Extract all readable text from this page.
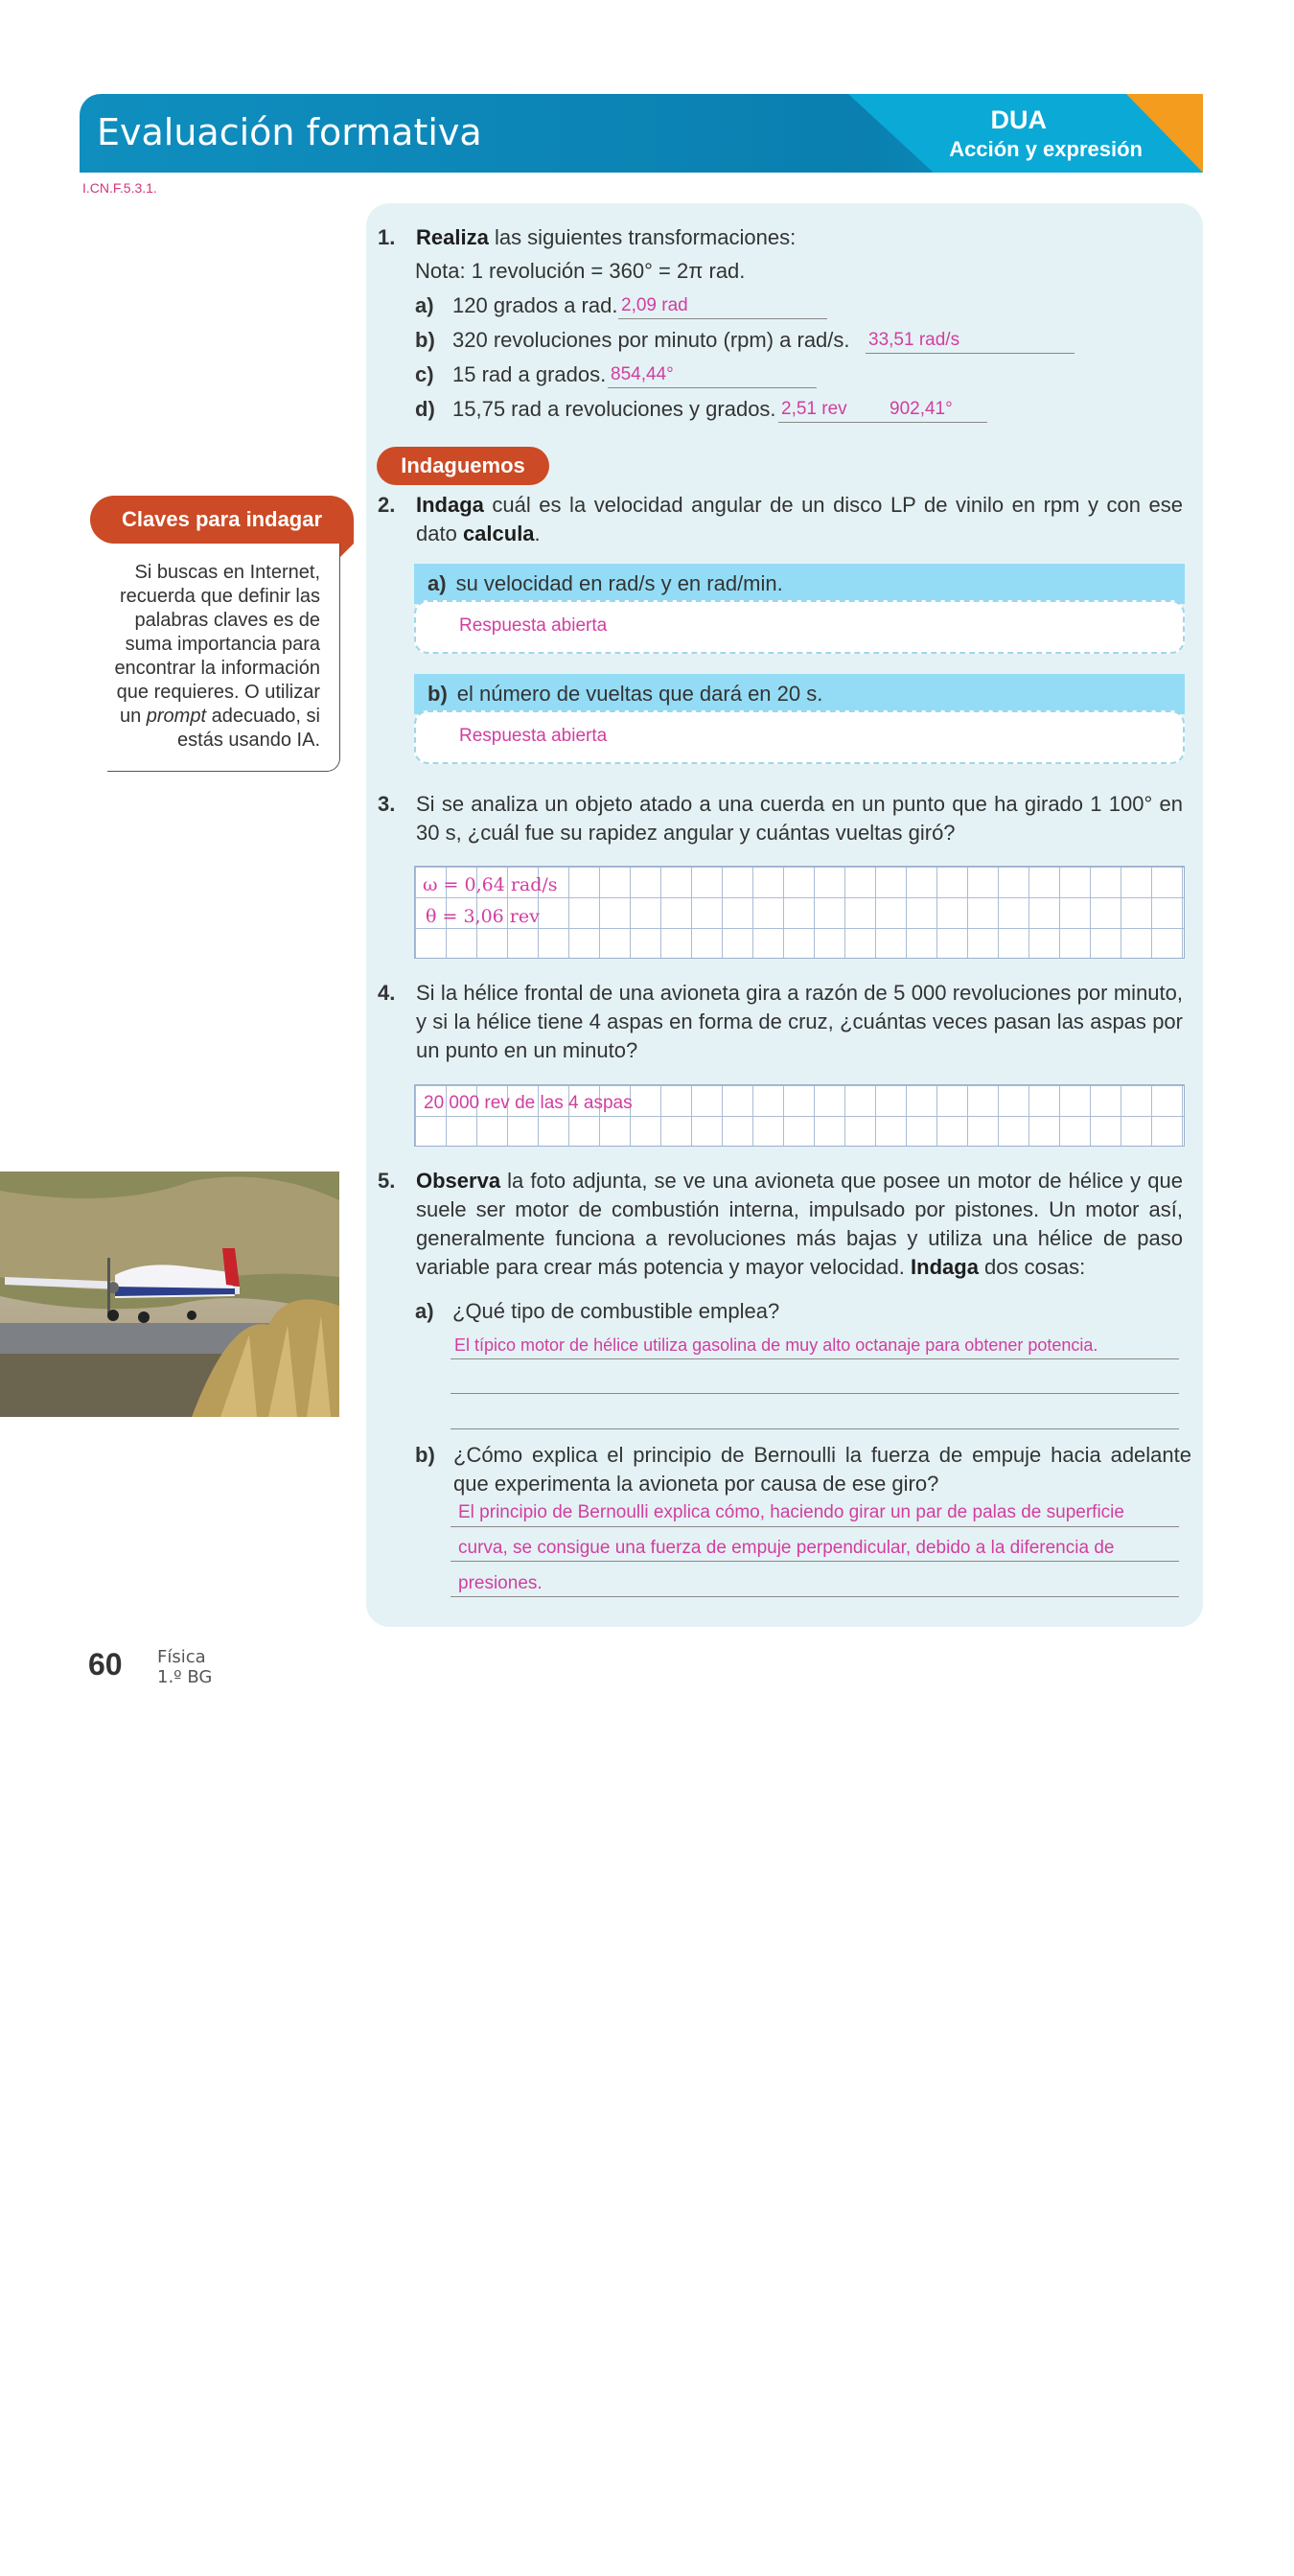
Evaluación formativa	DUA
Acción y expresión
I.CN.F.5.3.1.
Claves para indagar
Si buscas en Internet, recuerda que definir las palabras claves es de suma importancia para encontrar la información que requieres. O utilizar un prompt adecuado, si estás usando IA.
Shutterstock
1. Realiza las siguientes transformaciones:
Nota: 1 revolución = 360° = 2π rad.
a) 120 grados a rad. 2,09 rad
b) 320 revoluciones por minuto (rpm) a rad/s. 33,51 rad/s
c) 15 rad a grados. 854,44°
d) 15,75 rad a revoluciones y grados. 2,51 rev 902,41°
Indaguemos
2. Indaga cuál es la velocidad angular de un disco LP de vinilo en rpm y con ese dato calcula.
a) su velocidad en rad/s y en rad/min.
Respuesta abierta
b) el número de vueltas que dará en 20 s.
Respuesta abierta
3. Si se analiza un objeto atado a una cuerda en un punto que ha girado 1 100° en 30 s, ¿cuál fue su rapidez angular y cuántas vueltas giró?
ω = 0,64 rad/s
θ = 3,06 rev
4. Si la hélice frontal de una avioneta gira a razón de 5 000 revoluciones por minuto, y si la hélice tiene 4 aspas en forma de cruz, ¿cuántas veces pasan las aspas por un punto en un minuto?
20 000 rev de las 4 aspas
5. Observa la foto adjunta, se ve una avioneta que posee un motor de hélice y que suele ser motor de combustión interna, impulsado por pistones. Un motor así, generalmente funciona a revoluciones más bajas y utiliza una hélice de paso variable para crear más potencia y mayor velocidad. Indaga dos cosas:
a) ¿Qué tipo de combustible emplea?
El típico motor de hélice utiliza gasolina de muy alto octanaje para obtener potencia.
b) ¿Cómo explica el principio de Bernoulli la fuerza de empuje hacia adelante que experimenta la avioneta por causa de ese giro?
El principio de Bernoulli explica cómo, haciendo girar un par de palas de superficie
curva, se consigue una fuerza de empuje perpendicular, debido a la diferencia de
presiones.
60 Física
1.º BG
